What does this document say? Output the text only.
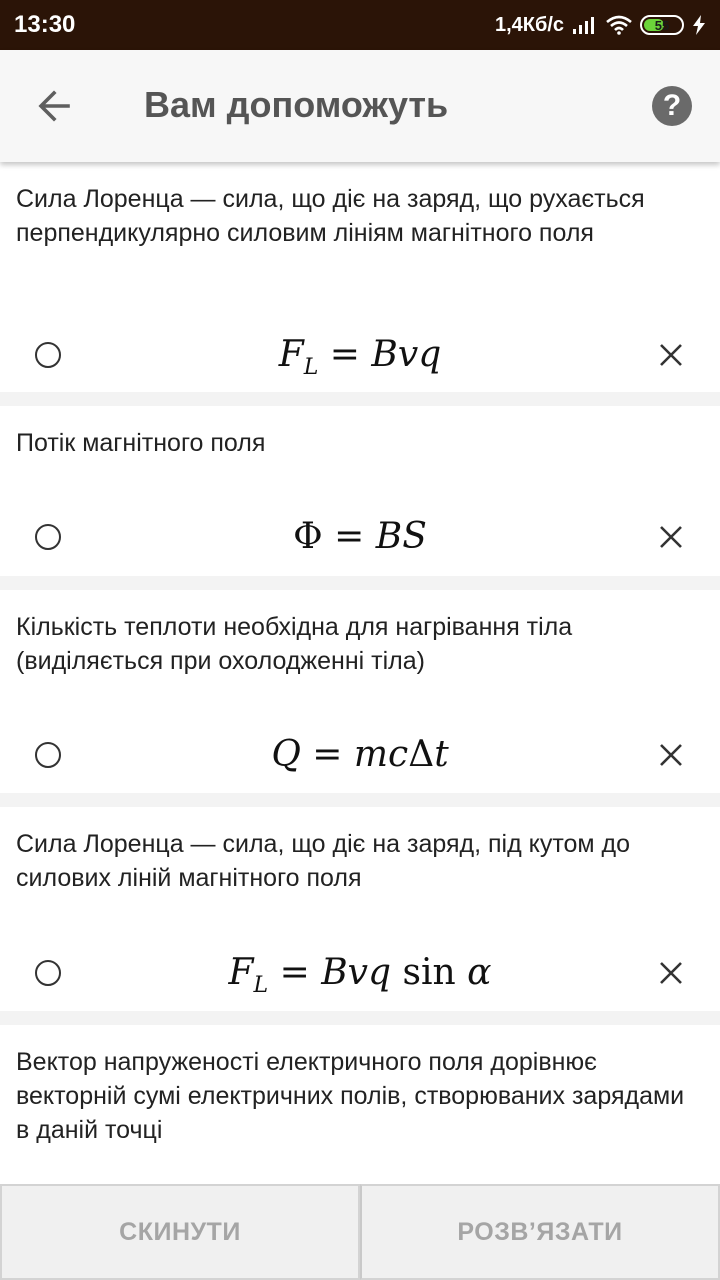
13:30	1,4Кб/с	55
Вам допоможуть	?
Сила Лоренца — сила, що діє на заряд, що рухається перпендикулярно силовим лініям магнітного поля
$F_L$ = Bvq
Потік магнітного поля
Φ = BS
Кількість теплоти необхідна для нагрівання тіла (виділяється при охолодженні тіла)
Q = mcΔt
Сила Лоренца — сила, що діє на заряд, під кутом до силових ліній магнітного поля
$F_L$ = Bvq sin α
Вектор напруженості електричного поля дорівнює векторній сумі електричних полів, створюваних зарядами в даній точці
СКИНУТИ	РОЗВ’ЯЗАТИ
